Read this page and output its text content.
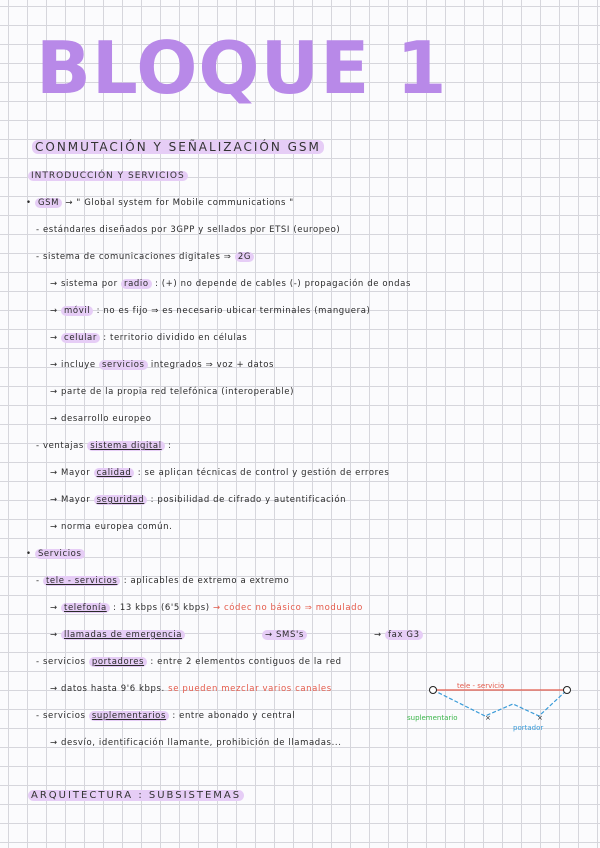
BLOQUE 1
CONMUTACIÓN Y SEÑALIZACIÓN GSM
INTRODUCCIÓN Y SERVICIOS
• GSM → " Global system for Mobile communications "
- estándares diseñados por 3GPP y sellados por ETSI (europeo)
- sistema de comunicaciones digitales ⇒ 2G
→ sistema por radio : (+) no depende de cables (-) propagación de ondas
→ móvil : no es fijo ⇒ es necesario ubicar terminales (manguera)
→ celular : territorio dividido en células
→ incluye servicios integrados ⇒ voz + datos
→ parte de la propia red telefónica (interoperable)
→ desarrollo europeo
- ventajas sistema digital :
→ Mayor calidad : se aplican técnicas de control y gestión de errores
→ Mayor seguridad : posibilidad de cifrado y autentificación
→ norma europea común.
• Servicios
- tele - servicios : aplicables de extremo a extremo
→ telefonía : 13 kbps (6'5 kbps) → códec no básico ⇒ modulado
→ llamadas de emergencia	→ SMS's	→ fax G3
- servicios portadores : entre 2 elementos contiguos de la red
→ datos hasta 9'6 kbps. se pueden mezclar varios canales
- servicios suplementarios : entre abonado y central
→ desvío, identificación llamante, prohibición de llamadas...
×	×
tele - servicio
suplementario
portador
ARQUITECTURA : SUBSISTEMAS
